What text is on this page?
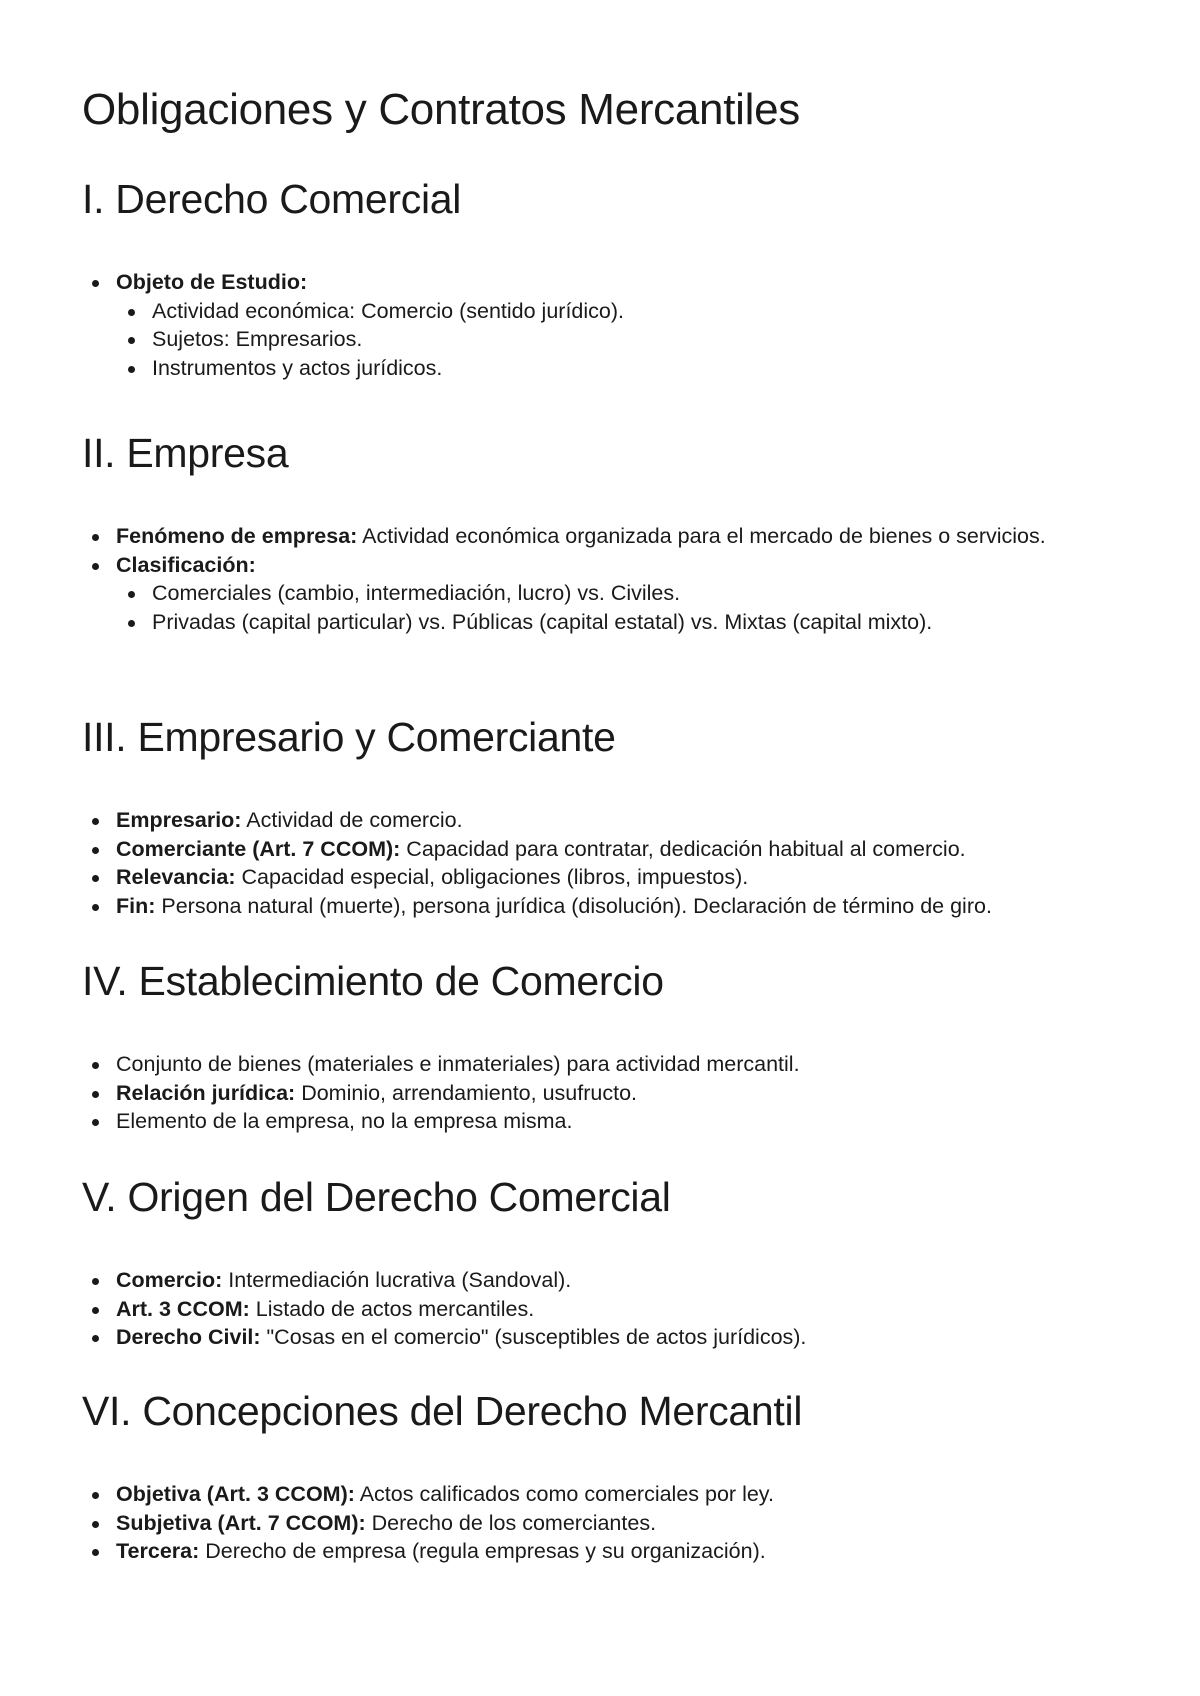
Obligaciones y Contratos Mercantiles
I. Derecho Comercial
Objeto de Estudio:
Actividad económica: Comercio (sentido jurídico).
Sujetos: Empresarios.
Instrumentos y actos jurídicos.
II. Empresa
Fenómeno de empresa: Actividad económica organizada para el mercado de bienes o servicios.
Clasificación:
Comerciales (cambio, intermediación, lucro) vs. Civiles.
Privadas (capital particular) vs. Públicas (capital estatal) vs. Mixtas (capital mixto).
III. Empresario y Comerciante
Empresario: Actividad de comercio.
Comerciante (Art. 7 CCOM): Capacidad para contratar, dedicación habitual al comercio.
Relevancia: Capacidad especial, obligaciones (libros, impuestos).
Fin: Persona natural (muerte), persona jurídica (disolución). Declaración de término de giro.
IV. Establecimiento de Comercio
Conjunto de bienes (materiales e inmateriales) para actividad mercantil.
Relación jurídica: Dominio, arrendamiento, usufructo.
Elemento de la empresa, no la empresa misma.
V. Origen del Derecho Comercial
Comercio: Intermediación lucrativa (Sandoval).
Art. 3 CCOM: Listado de actos mercantiles.
Derecho Civil: "Cosas en el comercio" (susceptibles de actos jurídicos).
VI. Concepciones del Derecho Mercantil
Objetiva (Art. 3 CCOM): Actos calificados como comerciales por ley.
Subjetiva (Art. 7 CCOM): Derecho de los comerciantes.
Tercera: Derecho de empresa (regula empresas y su organización).
